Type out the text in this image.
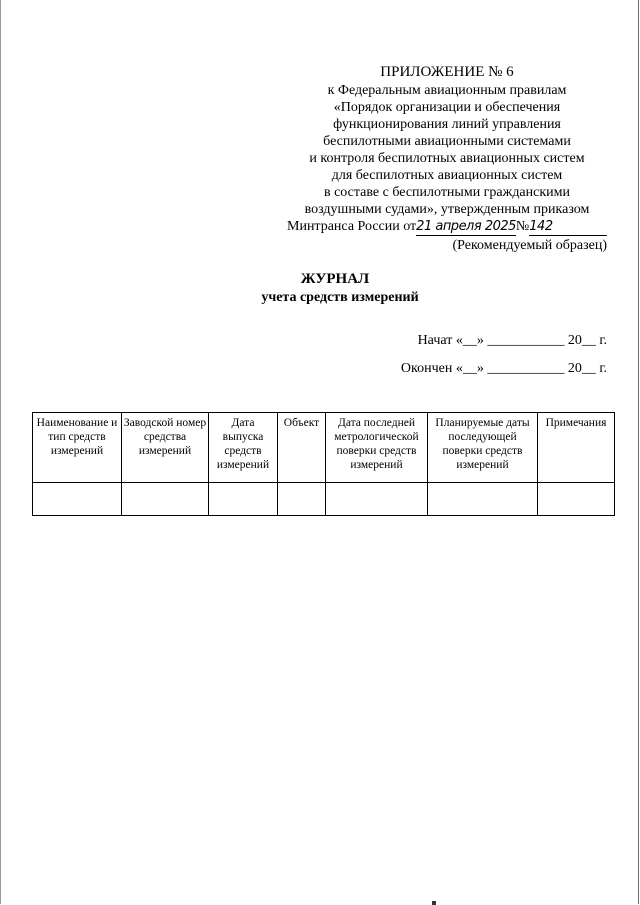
ПРИЛОЖЕНИЕ № 6
к Федеральным авиационным правилам
«Порядок организации и обеспечения
функционирования линий управления
беспилотными авиационными системами
и контроля беспилотных авиационных систем
для беспилотных авиационных систем
в составе с беспилотными гражданскими
воздушными судами», утвержденным приказом
Минтранса России от21 апреля 2025№142
(Рекомендуемый образец)
ЖУРНАЛ
учета средств измерений
Начат «__» ___________ 20__ г.
Окончен «__» ___________ 20__ г.
Наименование и тип средств измерений	Заводской номер средства измерений	Дата выпуска средств измерений	Объект	Дата последней метрологической поверки средств измерений	Планируемые даты последующей поверки средств измерений	Примечания
